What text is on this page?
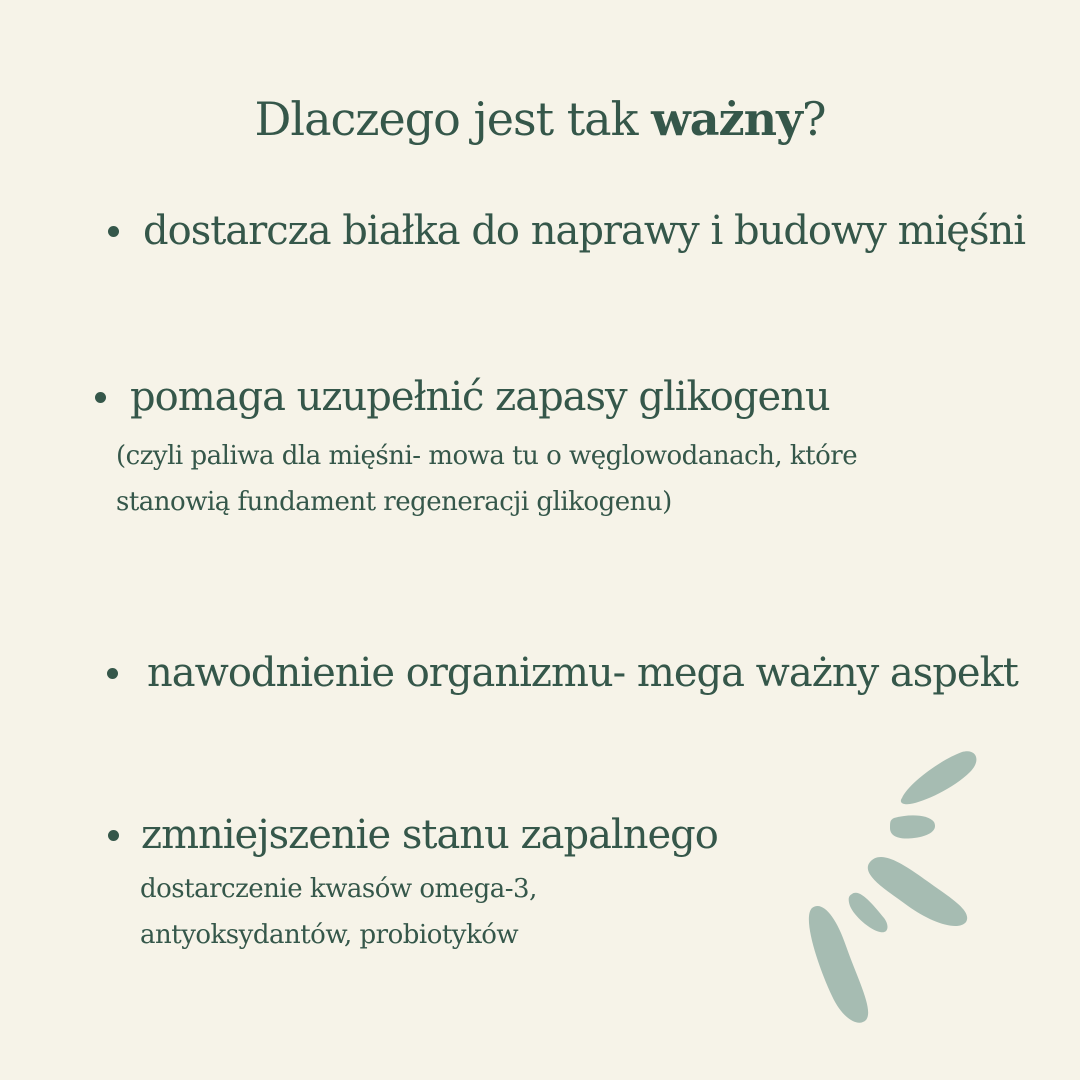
Dlaczego jest tak ważny?
dostarcza białka do naprawy i budowy mięśni
pomaga uzupełnić zapasy glikogenu
(czyli paliwa dla mięśni- mowa tu o węglowodanach, które
stanowią fundament regeneracji glikogenu)
nawodnienie organizmu- mega ważny aspekt
zmniejszenie stanu zapalnego
dostarczenie kwasów omega-3,
antyoksydantów, probiotyków
